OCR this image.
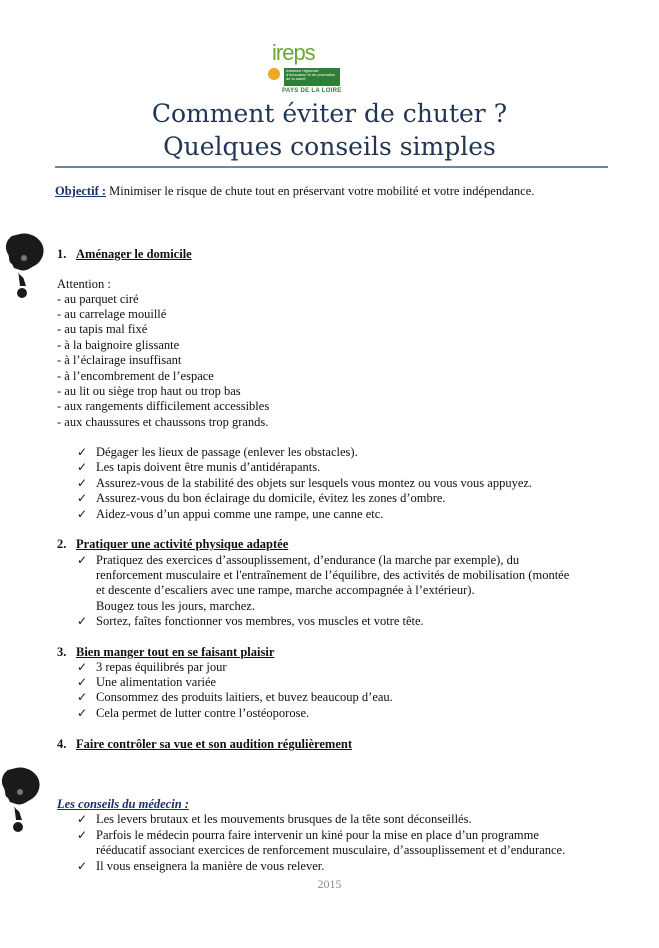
ireps
Instance régionale d'éducation et de promotion de la santé
PAYS DE LA LOIRE
Comment éviter de chuter ?
Quelques conseils simples
Objectif : Minimiser le risque de chute tout en préservant votre mobilité et votre indépendance.
1. Aménager le domicile
Attention :
- au parquet ciré
- au carrelage mouillé
- au tapis mal fixé
- à la baignoire glissante
- à l’éclairage insuffisant
- à l’encombrement de l’espace
- au lit ou siège trop haut ou trop bas
- aux rangements difficilement accessibles
- aux chaussures et chaussons trop grands.
✓ Dégager les lieux de passage (enlever les obstacles).
✓ Les tapis doivent être munis d’antidérapants.
✓ Assurez-vous de la stabilité des objets sur lesquels vous montez ou vous vous appuyez.
✓ Assurez-vous du bon éclairage du domicile, évitez les zones d’ombre.
✓ Aidez-vous d’un appui comme une rampe, une canne etc.
2. Pratiquer une activité physique adaptée
✓ Pratiquez des exercices d’assouplissement, d’endurance (la marche par exemple), du
renforcement musculaire et l'entraînement de l’équilibre, des activités de mobilisation (montée
et descente d’escaliers avec une rampe, marche accompagnée à l’extérieur).
Bougez tous les jours, marchez.
✓ Sortez, faîtes fonctionner vos membres, vos muscles et votre tête.
3. Bien manger tout en se faisant plaisir
✓ 3 repas équilibrés par jour
✓ Une alimentation variée
✓ Consommez des produits laitiers, et buvez beaucoup d’eau.
✓ Cela permet de lutter contre l’ostéoporose.
4. Faire contrôler sa vue et son audition régulièrement
Les conseils du médecin :
✓ Les levers brutaux et les mouvements brusques de la tête sont déconseillés.
✓ Parfois le médecin pourra faire intervenir un kiné pour la mise en place d’un programme
rééducatif associant exercices de renforcement musculaire, d’assouplissement et d’endurance.
✓ Il vous enseignera la manière de vous relever.
2015
